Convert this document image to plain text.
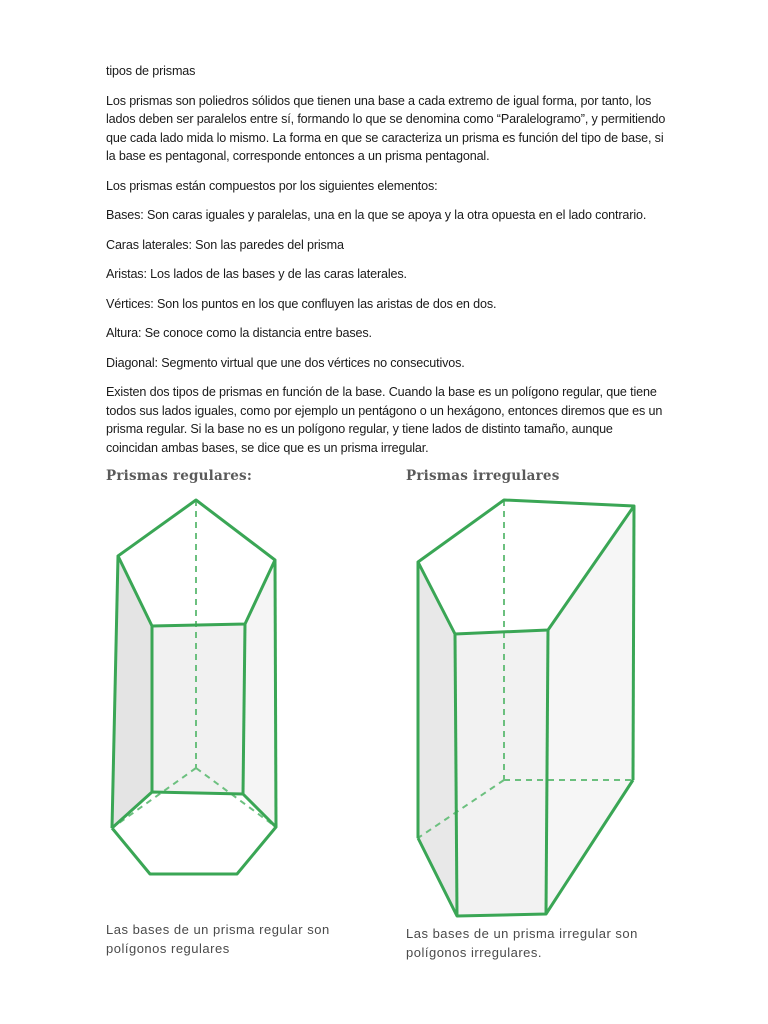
tipos de prismas

Los prismas son poliedros sólidos que tienen una base a cada extremo de igual forma, por tanto, los lados deben ser paralelos entre sí, formando lo que se denomina como “Paralelogramo”, y permitiendo que cada lado mida lo mismo. La forma en que se caracteriza un prisma es función del tipo de base, si la base es pentagonal, corresponde entonces a un prisma pentagonal.

Los prismas están compuestos por los siguientes elementos:

Bases: Son caras iguales y paralelas, una en la que se apoya y la otra opuesta en el lado contrario.

Caras laterales: Son las paredes del prisma

Aristas: Los lados de las bases y de las caras laterales.

Vértices: Son los puntos en los que confluyen las aristas de dos en dos.

Altura: Se conoce como la distancia entre bases.

Diagonal: Segmento virtual que une dos vértices no consecutivos.

Existen dos tipos de prismas en función de la base. Cuando la base es un polígono regular, que tiene todos sus lados iguales, como por ejemplo un pentágono o un hexágono, entonces diremos que es un prisma regular. Si la base no es un polígono regular, y tiene lados de distinto tamaño, aunque coincidan ambas bases, se dice que es un prisma irregular.

Prismas regulares:	Prismas irregulares
Las bases de un prisma regular son polígonos regulares
Las bases de un prisma irregular son polígonos irregulares.
